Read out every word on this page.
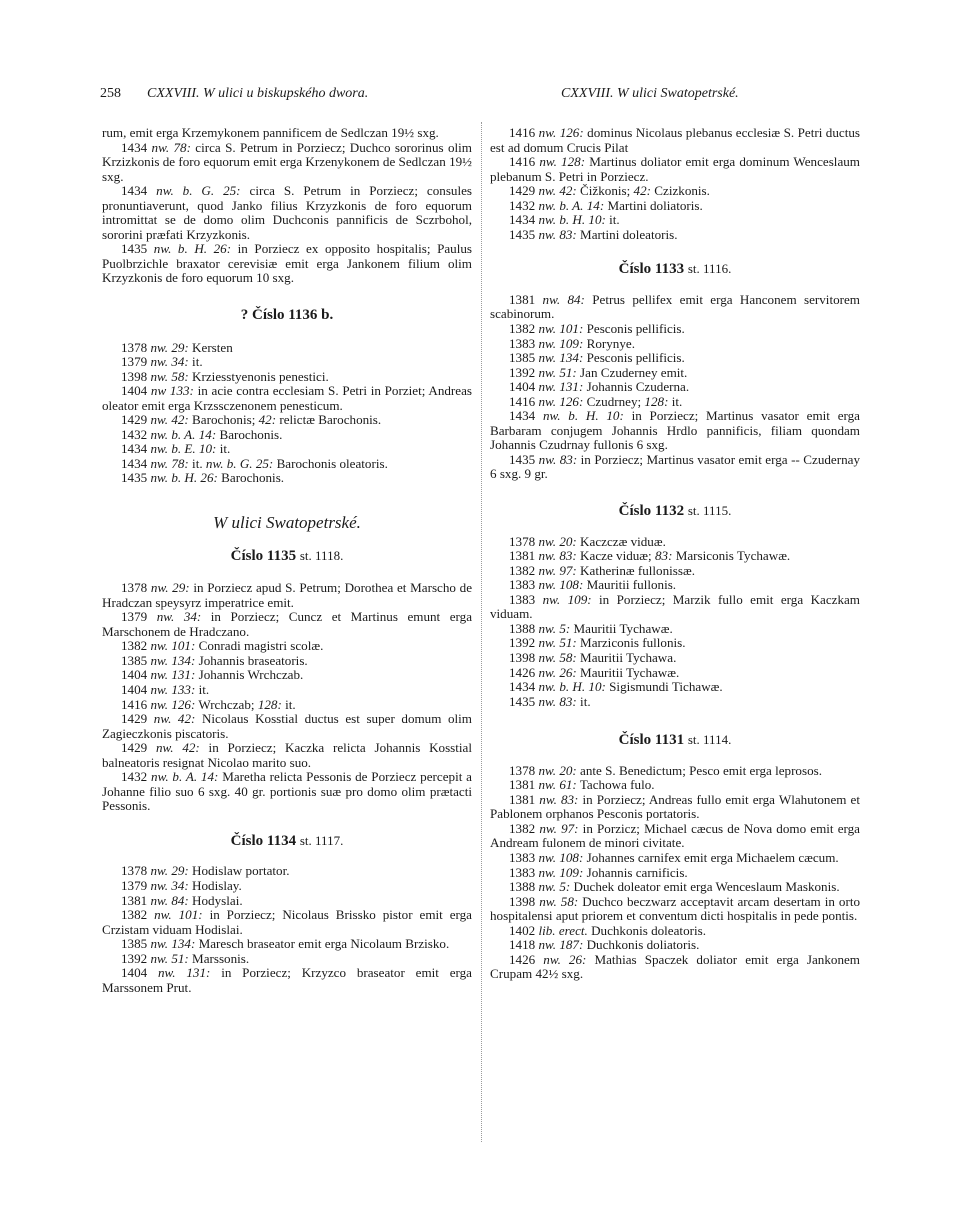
258 CXXVIII. W ulici u biskupského dwora.	CXXVIII. W ulici Swatopetrské.

rum, emit erga Krzemykonem pannificem de Sedlczan 19½ sxg.

1434 nw. 78: circa S. Petrum in Porziecz; Duchco sororinus olim Krzizkonis de foro equorum emit erga Krzenykonem de Sedlczan 19½ sxg.

1434 nw. b. G. 25: circa S. Petrum in Porziecz; consules pronuntiaverunt, quod Janko filius Krzyzkonis de foro equorum intromittat se de domo olim Duchconis pannificis de Sczrbohol, sororini præfati Krzyzkonis.

1435 nw. b. H. 26: in Porziecz ex opposito hospitalis; Paulus Puolbrzichle braxator cerevisiæ emit erga Jankonem filium olim Krzyzkonis de foro equorum 10 sxg.

? Číslo 1136 b.

1378 nw. 29: Kersten

1379 nw. 34: it.

1398 nw. 58: Krziesstyenonis penestici.

1404 nw 133: in acie contra ecclesiam S. Petri in Porziet; Andreas oleator emit erga Krzssczenonem penesticum.

1429 nw. 42: Barochonis; 42: relictæ Barochonis.

1432 nw. b. A. 14: Barochonis.

1434 nw. b. E. 10: it.

1434 nw. 78: it. nw. b. G. 25: Barochonis oleatoris.

1435 nw. b. H. 26: Barochonis.

W ulici Swatopetrské.

Číslo 1135 st. 1118.

1378 nw. 29: in Porziecz apud S. Petrum; Dorothea et Marscho de Hradczan speysyrz imperatrice emit.

1379 nw. 34: in Porziecz; Cuncz et Martinus emunt erga Marschonem de Hradczano.

1382 nw. 101: Conradi magistri scolæ.

1385 nw. 134: Johannis braseatoris.

1404 nw. 131: Johannis Wrchczab.

1404 nw. 133: it.

1416 nw. 126: Wrchczab; 128: it.

1429 nw. 42: Nicolaus Kosstial ductus est super domum olim Zagieczkonis piscatoris.

1429 nw. 42: in Porziecz; Kaczka relicta Johannis Kosstial balneatoris resignat Nicolao marito suo.

1432 nw. b. A. 14: Maretha relicta Pessonis de Porziecz percepit a Johanne filio suo 6 sxg. 40 gr. portionis suæ pro domo olim prætacti Pessonis.

Číslo 1134 st. 1117.

1378 nw. 29: Hodislaw portator.

1379 nw. 34: Hodislay.

1381 nw. 84: Hodyslai.

1382 nw. 101: in Porziecz; Nicolaus Brissko pistor emit erga Crzistam viduam Hodislai.

1385 nw. 134: Maresch braseator emit erga Nicolaum Brzisko.

1392 nw. 51: Marssonis.

1404 nw. 131: in Porziecz; Krzyzco braseator emit erga Marssonem Prut.

1416 nw. 126: dominus Nicolaus plebanus ecclesiæ S. Petri ductus est ad domum Crucis Pilat

1416 nw. 128: Martinus doliator emit erga dominum Wenceslaum plebanum S. Petri in Porziecz.

1429 nw. 42: Čižkonis; 42: Czizkonis.

1432 nw. b. A. 14: Martini doliatoris.

1434 nw. b. H. 10: it.

1435 nw. 83: Martini doleatoris.

Číslo 1133 st. 1116.

1381 nw. 84: Petrus pellifex emit erga Hanconem servitorem scabinorum.

1382 nw. 101: Pesconis pellificis.

1383 nw. 109: Rorynye.

1385 nw. 134: Pesconis pellificis.

1392 nw. 51: Jan Czuderney emit.

1404 nw. 131: Johannis Czuderna.

1416 nw. 126: Czudrney; 128: it.

1434 nw. b. H. 10: in Porziecz; Martinus vasator emit erga Barbaram conjugem Johannis Hrdlo pannificis, filiam quondam Johannis Czudrnay fullonis 6 sxg.

1435 nw. 83: in Porziecz; Martinus vasator emit erga -- Czudernay 6 sxg. 9 gr.

Číslo 1132 st. 1115.

1378 nw. 20: Kaczczæ viduæ.

1381 nw. 83: Kacze viduæ; 83: Marsiconis Tychawæ.

1382 nw. 97: Katherinæ fullonissæ.

1383 nw. 108: Mauritii fullonis.

1383 nw. 109: in Porziecz; Marzik fullo emit erga Kaczkam viduam.

1388 nw. 5: Mauritii Tychawæ.

1392 nw. 51: Marziconis fullonis.

1398 nw. 58: Mauritii Tychawa.

1426 nw. 26: Mauritii Tychawæ.

1434 nw. b. H. 10: Sigismundi Tichawæ.

1435 nw. 83: it.

Číslo 1131 st. 1114.

1378 nw. 20: ante S. Benedictum; Pesco emit erga leprosos.

1381 nw. 61: Tachowa fulo.

1381 nw. 83: in Porziecz; Andreas fullo emit erga Wlahutonem et Pablonem orphanos Pesconis portatoris.

1382 nw. 97: in Porzicz; Michael cæcus de Nova domo emit erga Andream fulonem de minori civitate.

1383 nw. 108: Johannes carnifex emit erga Michaelem cæcum.

1383 nw. 109: Johannis carnificis.

1388 nw. 5: Duchek doleator emit erga Wenceslaum Maskonis.

1398 nw. 58: Duchco beczwarz acceptavit arcam desertam in orto hospitalensi aput priorem et conventum dicti hospitalis in pede pontis.

1402 lib. erect. Duchkonis doleatoris.

1418 nw. 187: Duchkonis doliatoris.

1426 nw. 26: Mathias Spaczek doliator emit erga Jankonem Crupam 42½ sxg.
